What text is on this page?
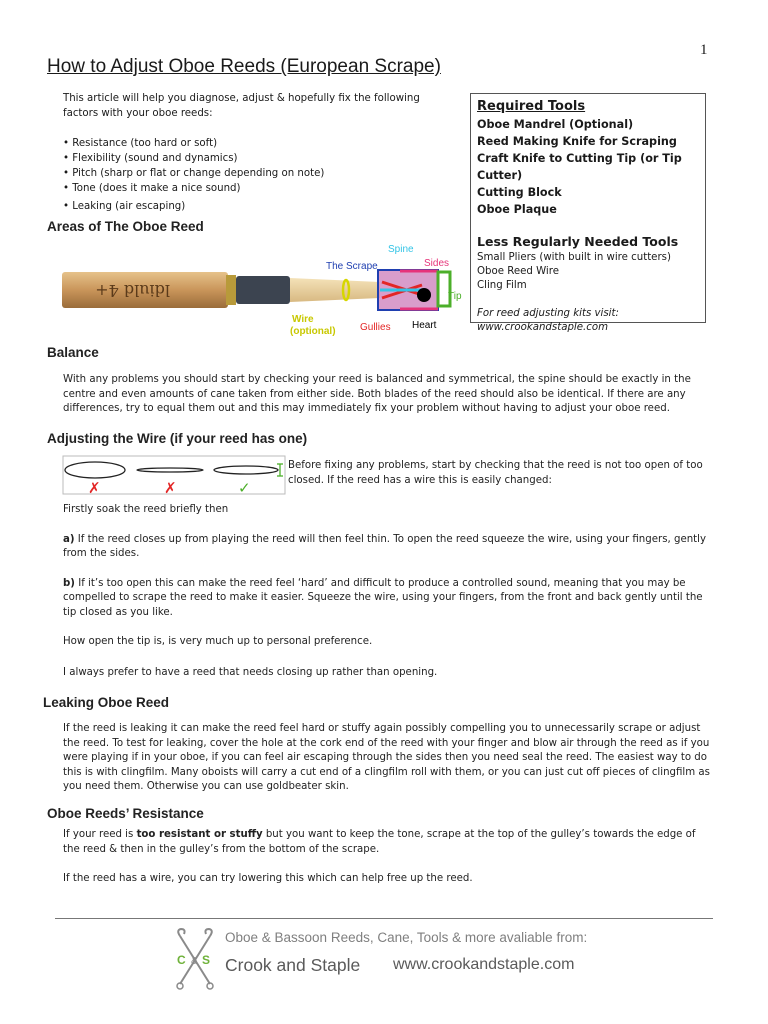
1
How to Adjust Oboe Reeds (European Scrape)

This article will help you diagnose, adjust & hopefully fix the following factors with your oboe reeds:

• Resistance (too hard or soft)
• Flexibility (sound and dynamics)
• Pitch (sharp or flat or change depending on note)
• Tone (does it make a nice sound)
• Leaking (air escaping)
Required Tools
Oboe Mandrel (Optional)
Reed Making Knife for Scraping
Craft Knife to Cutting Tip (or Tip Cutter)
Cutting Block
Oboe Plaque
Less Regularly Needed Tools
Small Pliers (with built in wire cutters)
Oboe Reed Wire
Cling Film
For reed adjusting kits visit:
www.crookandstaple.com
Areas of The Oboe Reed
ldiuld 4+
Spine
The Scrape	Sides
Tip
Wire
(optional) Gullies Heart
Balance

With any problems you should start by checking your reed is balanced and symmetrical, the spine should be exactly in the centre and even amounts of cane taken from either side. Both blades of the reed should also be identical. If there are any differences, try to equal them out and this may immediately fix your problem without having to adjust your oboe reed.

Adjusting the Wire (if your reed has one)
✗	✗	✓

Before fixing any problems, start by checking that the reed is not too open of too closed. If the reed has a wire this is easily changed:

Firstly soak the reed briefly then

a) If the reed closes up from playing the reed will then feel thin. To open the reed squeeze the wire, using your fingers, gently from the sides.

b) If it’s too open this can make the reed feel ‘hard’ and difficult to produce a controlled sound, meaning that you may be compelled to scrape the reed to make it easier. Squeeze the wire, using your fingers, from the front and back gently until the tip closed as you like.

How open the tip is, is very much up to personal preference.

I always prefer to have a reed that needs closing up rather than opening.

Leaking Oboe Reed

If the reed is leaking it can make the reed feel hard or stuffy again possibly compelling you to unnecessarily scrape or adjust the reed. To test for leaking, cover the hole at the cork end of the reed with your finger and blow air through the reed as if you were playing if in your oboe, if you can feel air escaping through the sides then you need seal the reed. The easiest way to do this is with clingfilm. Many oboists will carry a cut end of a clingfilm roll with them, or you can just cut off pieces of clingfilm as you need them. Otherwise you can use goldbeater skin.

Oboe Reeds’ Resistance

If your reed is too resistant or stuffy but you want to keep the tone, scrape at the top of the gulley’s towards the edge of the reed & then in the gulley’s from the bottom of the scrape.

If the reed has a wire, you can try lowering this which can help free up the reed.

C & S
Oboe & Bassoon Reeds, Cane, Tools & more avaliable from:
Crook and Staple www.crookandstaple.com
